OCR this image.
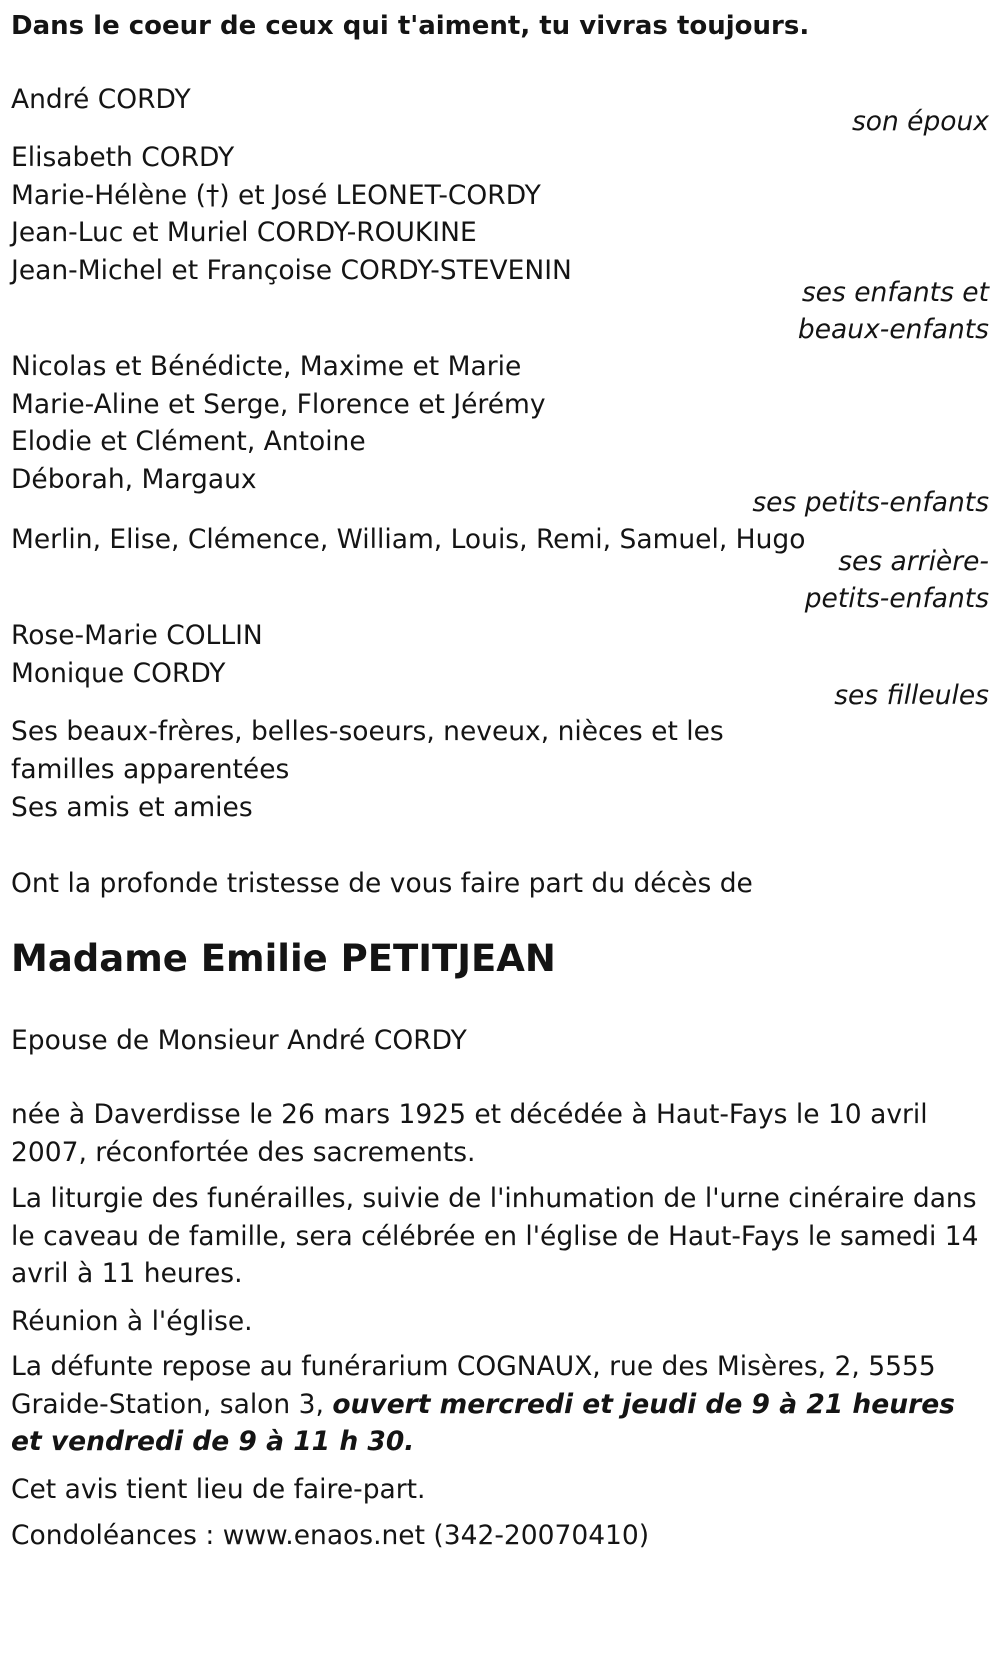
Dans le coeur de ceux qui t'aiment, tu vivras toujours.
André CORDY
son époux
Elisabeth CORDY
Marie-Hélène (†) et José LEONET-CORDY
Jean-Luc et Muriel CORDY-ROUKINE
Jean-Michel et Françoise CORDY-STEVENIN
ses enfants et beaux-enfants
Nicolas et Bénédicte, Maxime et Marie
Marie-Aline et Serge, Florence et Jérémy
Elodie et Clément, Antoine
Déborah, Margaux
ses petits-enfants
Merlin, Elise, Clémence, William, Louis, Remi, Samuel, Hugo
ses arrière-petits-enfants
Rose-Marie COLLIN
Monique CORDY
ses filleules
Ses beaux-frères, belles-soeurs, neveux, nièces et les familles apparentées
Ses amis et amies
Ont la profonde tristesse de vous faire part du décès de
Madame Emilie PETITJEAN
Epouse de Monsieur André CORDY
née à Daverdisse le 26 mars 1925 et décédée à Haut-Fays le 10 avril 2007, réconfortée des sacrements.
La liturgie des funérailles, suivie de l'inhumation de l'urne cinéraire dans le caveau de famille, sera célébrée en l'église de Haut-Fays le samedi 14 avril à 11 heures.
Réunion à l'église.
La défunte repose au funérarium COGNAUX, rue des Misères, 2, 5555 Graide-Station, salon 3, ouvert mercredi et jeudi de 9 à 21 heures et vendredi de 9 à 11 h 30.
Cet avis tient lieu de faire-part.
Condoléances : www.enaos.net (342-20070410)
